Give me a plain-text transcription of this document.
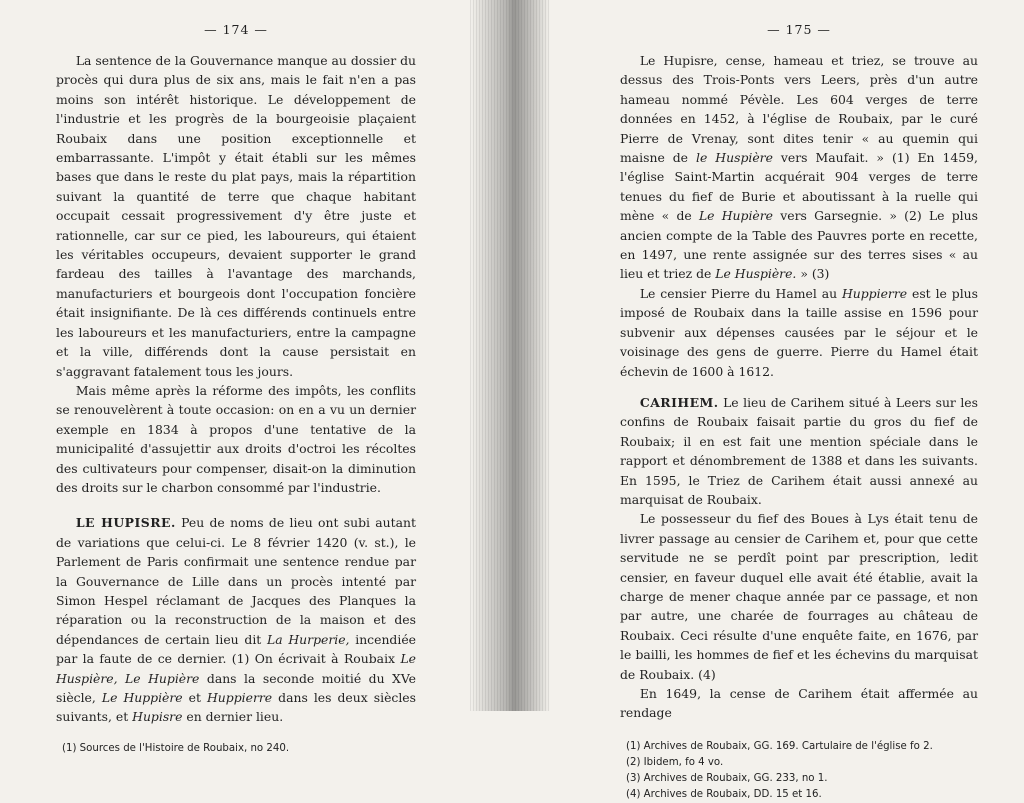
— 174 —

La sentence de la Gouvernance manque au dossier du procès qui dura plus de six ans, mais le fait n'en a pas moins son intérêt historique. Le développement de l'industrie et les progrès de la bourgeoisie plaçaient Roubaix dans une position exceptionnelle et embarrassante. L'impôt y était établi sur les mêmes bases que dans le reste du plat pays, mais la répartition suivant la quantité de terre que chaque habitant occupait cessait progressivement d'y être juste et rationnelle, car sur ce pied, les laboureurs, qui étaient les véritables occupeurs, devaient supporter le grand fardeau des tailles à l'avantage des marchands, manufacturiers et bourgeois dont l'occupation foncière était insignifiante. De là ces différends continuels entre les laboureurs et les manufacturiers, entre la campagne et la ville, différends dont la cause persistait en s'aggravant fatalement tous les jours.

Mais même après la réforme des impôts, les conflits se renouvelèrent à toute occasion: on en a vu un dernier exemple en 1834 à propos d'une tentative de la municipalité d'assujettir aux droits d'octroi les récoltes des cultivateurs pour compenser, disait-on la diminution des droits sur le charbon consommé par l'industrie.

LE HUPISRE. Peu de noms de lieu ont subi autant de variations que celui-ci. Le 8 février 1420 (v. st.), le Parlement de Paris confirmait une sentence rendue par la Gouvernance de Lille dans un procès intenté par Simon Hespel réclamant de Jacques des Planques la réparation ou la reconstruction de la maison et des dépendances de certain lieu dit La Hurperie, incendiée par la faute de ce dernier. (1) On écrivait à Roubaix Le Huspière, Le Hupière dans la seconde moitié du XVe siècle, Le Huppière et Huppierre dans les deux siècles suivants, et Hupisre en dernier lieu.

(1) Sources de l'Histoire de Roubaix, no 240.

— 175 —

Le Hupisre, cense, hameau et triez, se trouve au dessus des Trois-Ponts vers Leers, près d'un autre hameau nommé Pévèle. Les 604 verges de terre données en 1452, à l'église de Roubaix, par le curé Pierre de Vrenay, sont dites tenir « au quemin qui maisne de le Huspière vers Maufait. » (1) En 1459, l'église Saint-Martin acquérait 904 verges de terre tenues du fief de Burie et aboutissant à la ruelle qui mène « de Le Hupière vers Garsegnie. » (2) Le plus ancien compte de la Table des Pauvres porte en recette, en 1497, une rente assignée sur des terres sises « au lieu et triez de Le Huspière. » (3)

Le censier Pierre du Hamel au Huppierre est le plus imposé de Roubaix dans la taille assise en 1596 pour subvenir aux dépenses causées par le séjour et le voisinage des gens de guerre. Pierre du Hamel était échevin de 1600 à 1612.

CARIHEM. Le lieu de Carihem situé à Leers sur les confins de Roubaix faisait partie du gros du fief de Roubaix; il en est fait une mention spéciale dans le rapport et dénombrement de 1388 et dans les suivants. En 1595, le Triez de Carihem était aussi annexé au marquisat de Roubaix.

Le possesseur du fief des Boues à Lys était tenu de livrer passage au censier de Carihem et, pour que cette servitude ne se perdît point par prescription, ledit censier, en faveur duquel elle avait été établie, avait la charge de mener chaque année par ce passage, et non par autre, une charée de fourrages au château de Roubaix. Ceci résulte d'une enquête faite, en 1676, par le bailli, les hommes de fief et les échevins du marquisat de Roubaix. (4)

En 1649, la cense de Carihem était affermée au rendage

(1) Archives de Roubaix, GG. 169. Cartulaire de l'église fo 2.

(2) Ibidem, fo 4 vo.

(3) Archives de Roubaix, GG. 233, no 1.

(4) Archives de Roubaix, DD. 15 et 16.
